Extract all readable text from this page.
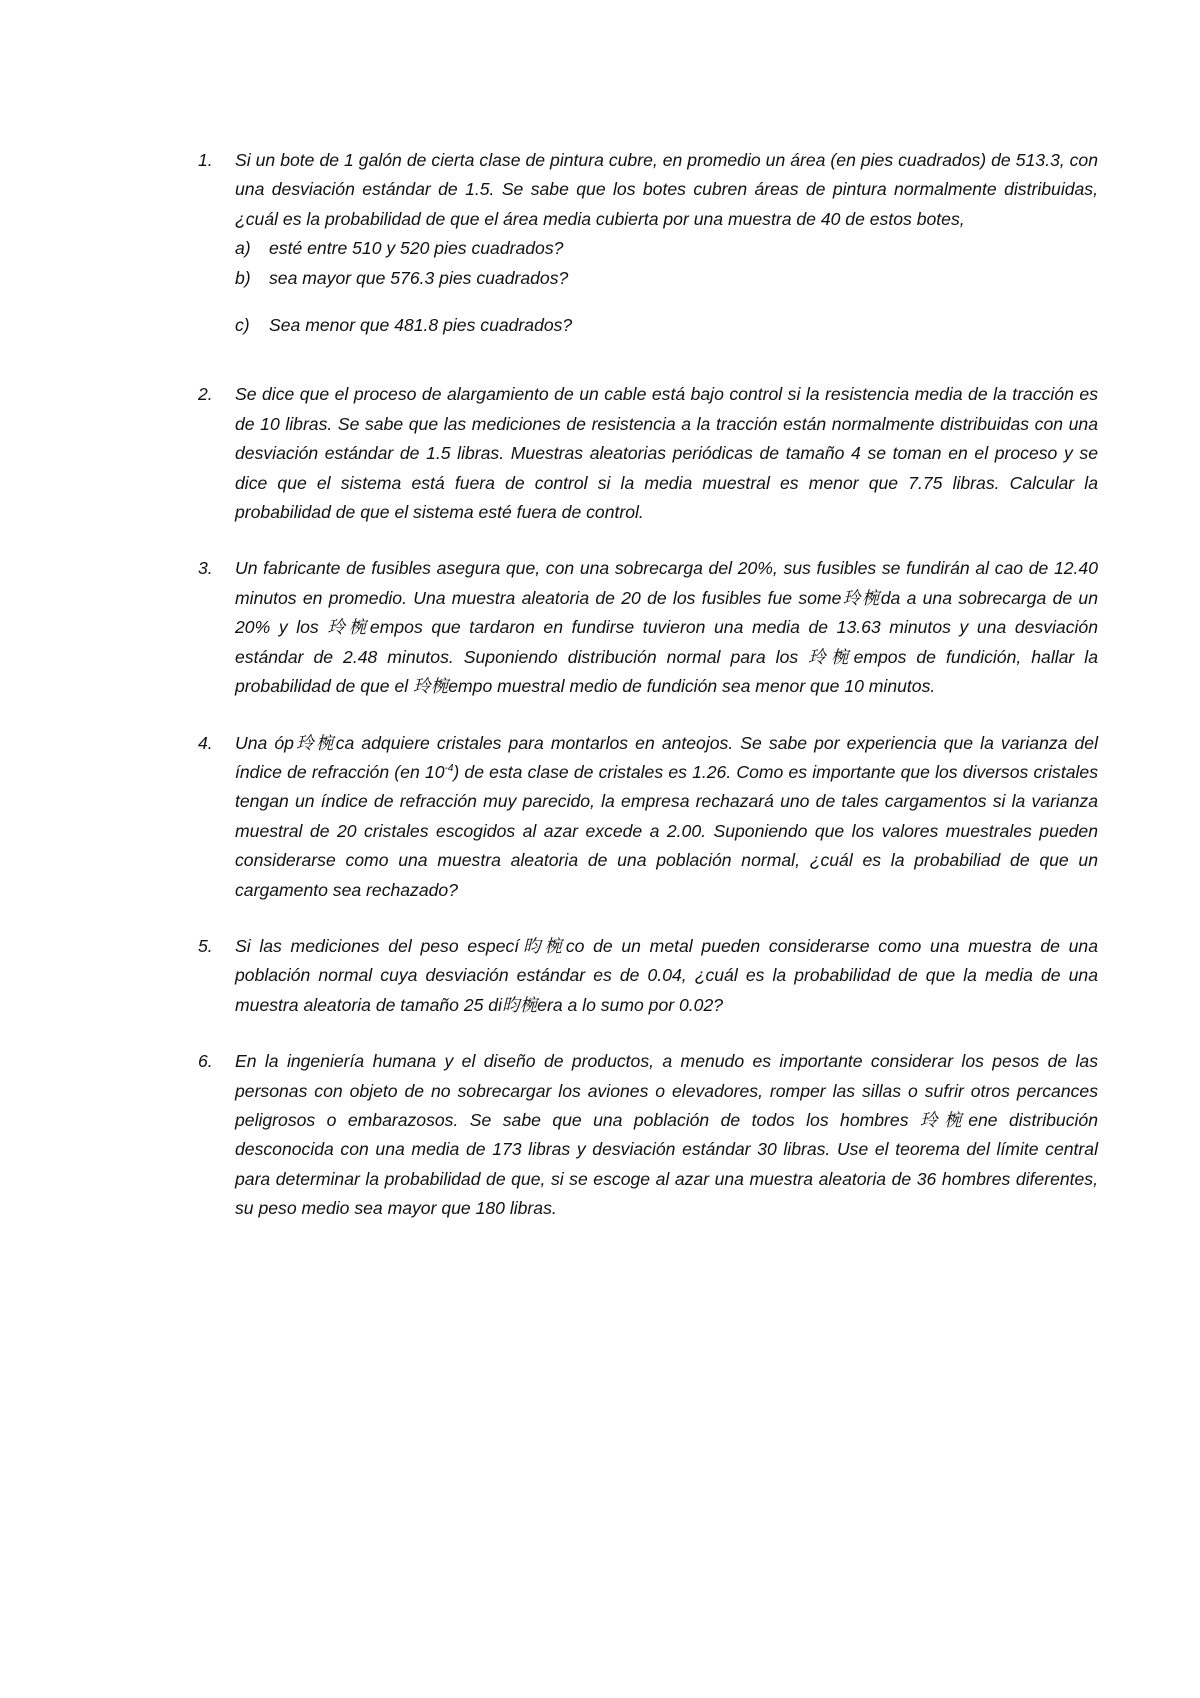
1. Si un bote de 1 galón de cierta clase de pintura cubre, en promedio un área (en pies cuadrados) de 513.3, con una desviación estándar de 1.5. Se sabe que los botes cubren áreas de pintura normalmente distribuidas, ¿cuál es la probabilidad de que el área media cubierta por una muestra de 40 de estos botes,
a) esté entre 510 y 520 pies cuadrados?
b) sea mayor que 576.3 pies cuadrados?
c) Sea menor que 481.8 pies cuadrados?
2. Se dice que el proceso de alargamiento de un cable está bajo control si la resistencia media de la tracción es de 10 libras. Se sabe que las mediciones de resistencia a la tracción están normalmente distribuidas con una desviación estándar de 1.5 libras. Muestras aleatorias periódicas de tamaño 4 se toman en el proceso y se dice que el sistema está fuera de control si la media muestral es menor que 7.75 libras. Calcular la probabilidad de que el sistema esté fuera de control.
3. Un fabricante de fusibles asegura que, con una sobrecarga del 20%, sus fusibles se fundirán al cao de 12.40 minutos en promedio. Una muestra aleatoria de 20 de los fusibles fue some玲椀da a una sobrecarga de un 20% y los 玲椀empos que tardaron en fundirse tuvieron una media de 13.63 minutos y una desviación estándar de 2.48 minutos. Suponiendo distribución normal para los 玲椀empos de fundición, hallar la probabilidad de que el 玲椀empo muestral medio de fundición sea menor que 10 minutos.
4. Una óp玲椀ca adquiere cristales para montarlos en anteojos. Se sabe por experiencia que la varianza del índice de refracción (en $10^{-4}$) de esta clase de cristales es 1.26. Como es importante que los diversos cristales tengan un índice de refracción muy parecido, la empresa rechazará uno de tales cargamentos si la varianza muestral de 20 cristales escogidos al azar excede a 2.00. Suponiendo que los valores muestrales pueden considerarse como una muestra aleatoria de una población normal, ¿cuál es la probabiliad de que un cargamento sea rechazado?
5. Si las mediciones del peso especí昀椀co de un metal pueden considerarse como una muestra de una población normal cuya desviación estándar es de 0.04, ¿cuál es la probabilidad de que la media de una muestra aleatoria de tamaño 25 di昀椀era a lo sumo por 0.02?
6. En la ingeniería humana y el diseño de productos, a menudo es importante considerar los pesos de las personas con objeto de no sobrecargar los aviones o elevadores, romper las sillas o sufrir otros percances peligrosos o embarazosos. Se sabe que una población de todos los hombres 玲椀ene distribución desconocida con una media de 173 libras y desviación estándar 30 libras. Use el teorema del límite central para determinar la probabilidad de que, si se escoge al azar una muestra aleatoria de 36 hombres diferentes, su peso medio sea mayor que 180 libras.
